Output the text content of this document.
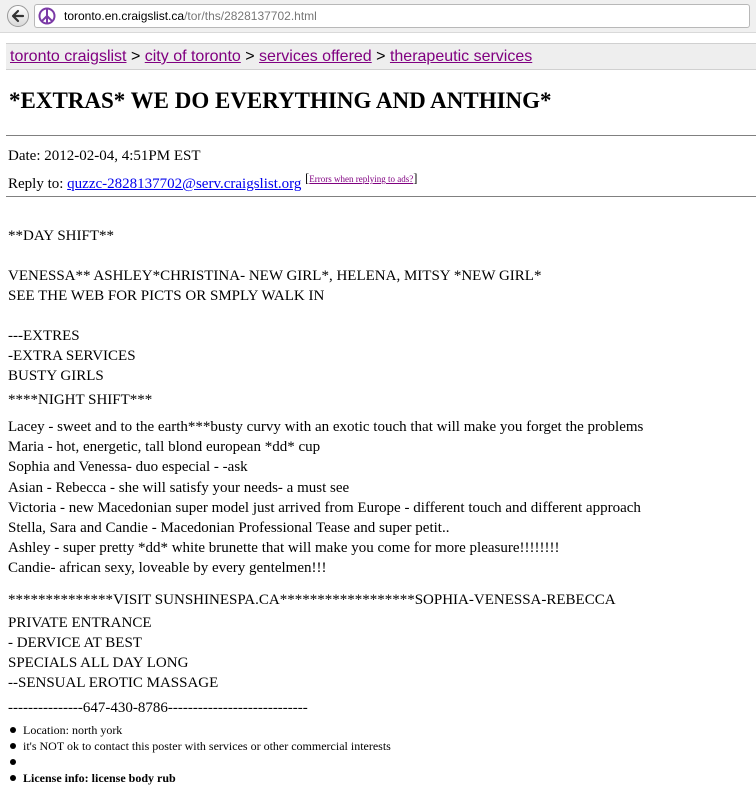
toronto.en.craigslist.ca/tor/ths/2828137702.html
toronto craigslist > city of toronto > services offered > therapeutic services
*EXTRAS* WE DO EVERYTHING AND ANTHING*
Date: 2012-02-04, 4:51PM EST
Reply to: quzzc-2828137702@serv.craigslist.org [Errors when replying to ads?]
**DAY SHIFT**
VENESSA** ASHLEY*CHRISTINA- NEW GIRL*, HELENA, MITSY *NEW GIRL*
SEE THE WEB FOR PICTS OR SMPLY WALK IN
---EXTRES
-EXTRA SERVICES
BUSTY GIRLS
****NIGHT SHIFT***
Lacey - sweet and to the earth***busty curvy with an exotic touch that will make you forget the problems
Maria - hot, energetic, tall blond european *dd* cup
Sophia and Venessa- duo especial - -ask
Asian - Rebecca - she will satisfy your needs- a must see
Victoria - new Macedonian super model just arrived from Europe - different touch and different approach
Stella, Sara and Candie - Macedonian Professional Tease and super petit..
Ashley - super pretty *dd* white brunette that will make you come for more pleasure!!!!!!!!
Candie- african sexy, loveable by every gentelmen!!!
**************VISIT SUNSHINESPA.CA******************SOPHIA-VENESSA-REBECCA
PRIVATE ENTRANCE
- DERVICE AT BEST
SPECIALS ALL DAY LONG
--SENSUAL EROTIC MASSAGE
---------------647-430-8786----------------------------
Location: north york
it's NOT ok to contact this poster with services or other commercial interests
License info: license body rub
